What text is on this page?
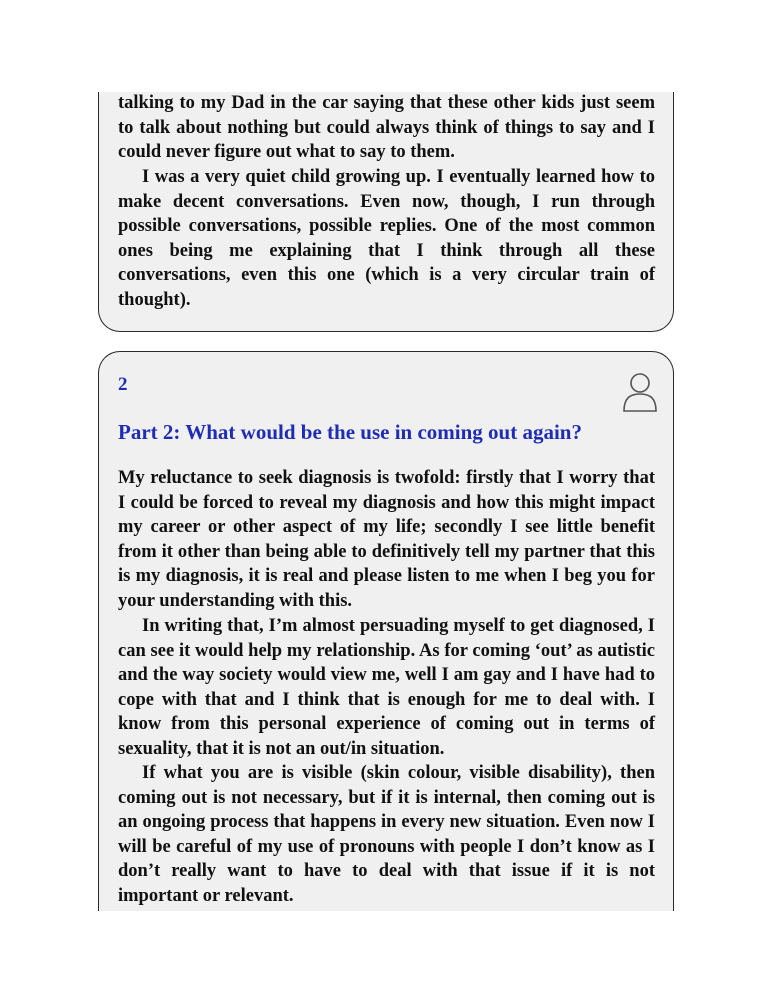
talking to my Dad in the car saying that these other kids just seem to talk about nothing but could always think of things to say and I could never figure out what to say to them.

I was a very quiet child growing up. I eventually learned how to make decent conversations. Even now, though, I run through possible conversations, possible replies. One of the most common ones being me explaining that I think through all these conversations, even this one (which is a very circular train of thought).

2
Part 2: What would be the use in coming out again?

My reluctance to seek diagnosis is twofold: firstly that I worry that I could be forced to reveal my diagnosis and how this might impact my career or other aspect of my life; secondly I see little benefit from it other than being able to definitively tell my partner that this is my diagnosis, it is real and please listen to me when I beg you for your understanding with this.

In writing that, I’m almost persuading myself to get diagnosed, I can see it would help my relationship. As for coming ‘out’ as autistic and the way society would view me, well I am gay and I have had to cope with that and I think that is enough for me to deal with. I know from this personal experience of coming out in terms of sexuality, that it is not an out/in situation.

If what you are is visible (skin colour, visible disability), then coming out is not necessary, but if it is internal, then coming out is an ongoing process that happens in every new situation. Even now I will be careful of my use of pronouns with people I don’t know as I don’t really want to have to deal with that issue if it is not important or relevant.
